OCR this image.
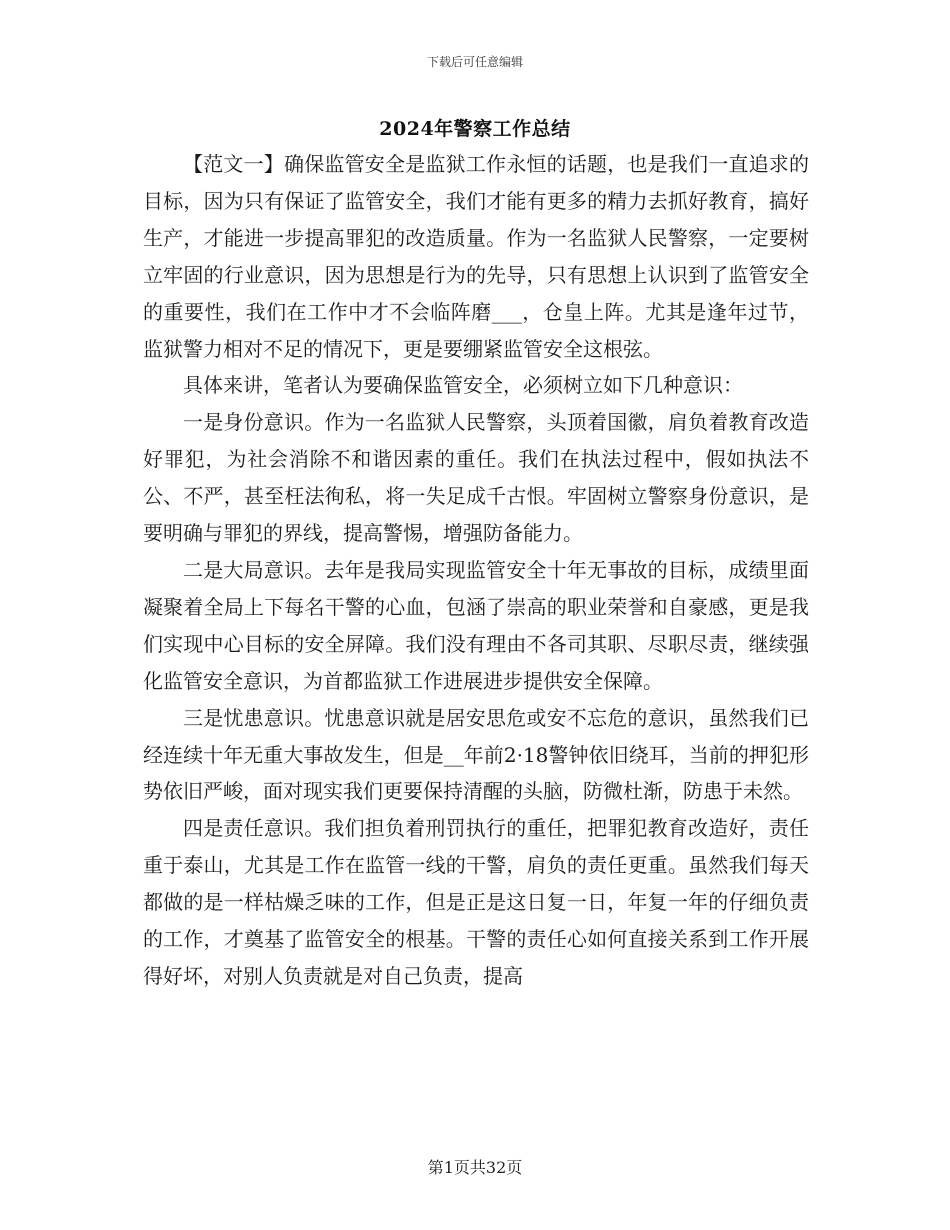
下载后可任意编辑
2024年警察工作总结

【范文一】确保监管安全是监狱工作永恒的话题，也是我们一直追求的目标，因为只有保证了监管安全，我们才能有更多的精力去抓好教育，搞好生产，才能进一步提高罪犯的改造质量。作为一名监狱人民警察，一定要树立牢固的行业意识，因为思想是行为的先导，只有思想上认识到了监管安全的重要性，我们在工作中才不会临阵磨___，仓皇上阵。尤其是逢年过节，监狱警力相对不足的情况下，更是要绷紧监管安全这根弦。

具体来讲，笔者认为要确保监管安全，必须树立如下几种意识：

一是身份意识。作为一名监狱人民警察，头顶着国徽，肩负着教育改造好罪犯，为社会消除不和谐因素的重任。我们在执法过程中，假如执法不公、不严，甚至枉法徇私，将一失足成千古恨。牢固树立警察身份意识，是要明确与罪犯的界线，提高警惕，增强防备能力。

二是大局意识。去年是我局实现监管安全十年无事故的目标，成绩里面凝聚着全局上下每名干警的心血，包涵了崇高的职业荣誉和自豪感，更是我们实现中心目标的安全屏障。我们没有理由不各司其职、尽职尽责，继续强化监管安全意识，为首都监狱工作进展进步提供安全保障。

三是忧患意识。忧患意识就是居安思危或安不忘危的意识，虽然我们已经连续十年无重大事故发生，但是__年前2·18警钟依旧绕耳，当前的押犯形势依旧严峻，面对现实我们更要保持清醒的头脑，防微杜渐，防患于未然。

四是责任意识。我们担负着刑罚执行的重任，把罪犯教育改造好，责任重于泰山，尤其是工作在监管一线的干警，肩负的责任更重。虽然我们每天都做的是一样枯燥乏味的工作，但是正是这日复一日，年复一年的仔细负责的工作，才奠基了监管安全的根基。干警的责任心如何直接关系到工作开展得好坏，对别人负责就是对自己负责，提高

第1页共32页
